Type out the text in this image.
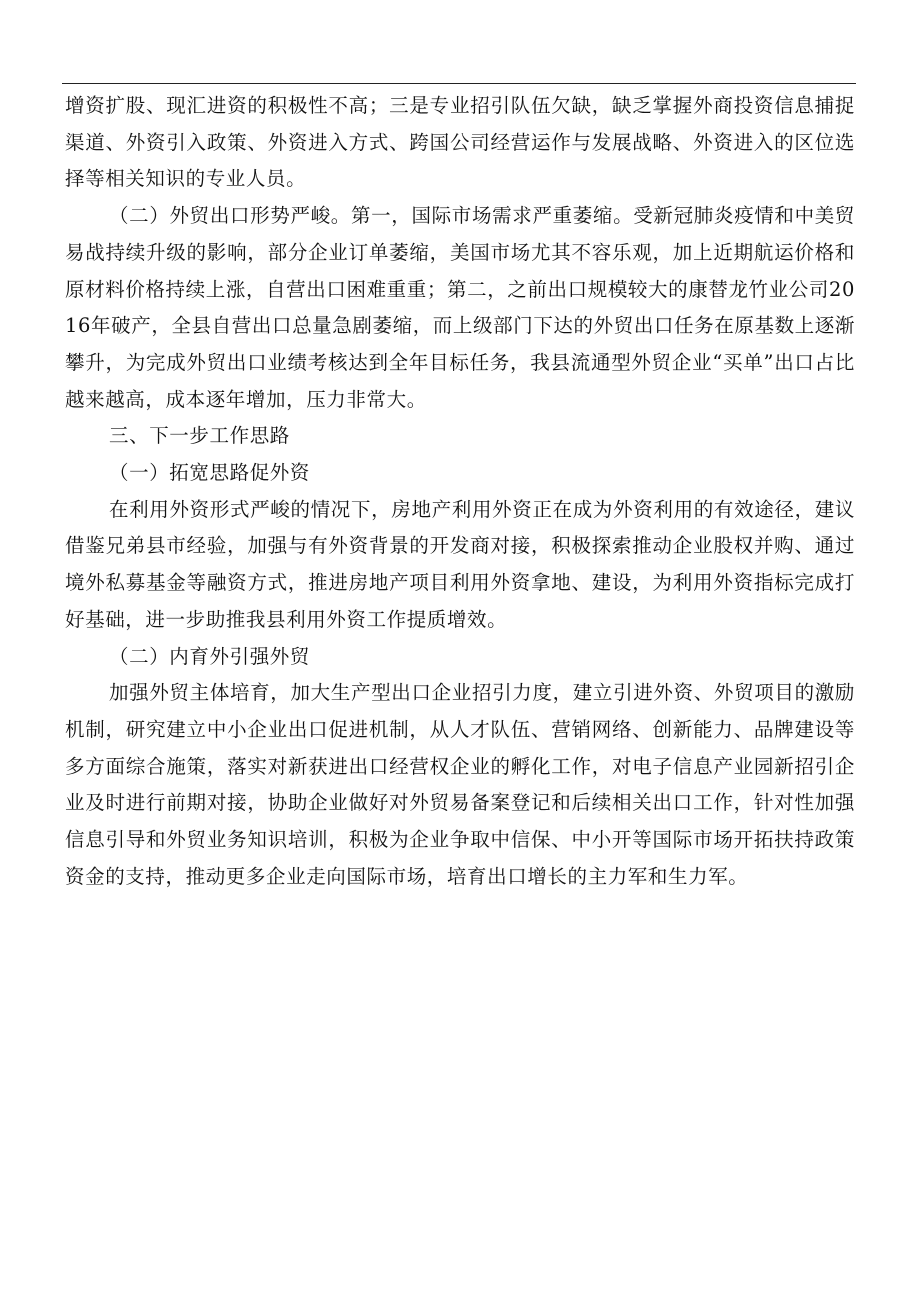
增资扩股、现汇进资的积极性不高；三是专业招引队伍欠缺，缺乏掌握外商投资信息捕捉渠道、外资引入政策、外资进入方式、跨国公司经营运作与发展战略、外资进入的区位选择等相关知识的专业人员。

（二）外贸出口形势严峻。第一，国际市场需求严重萎缩。受新冠肺炎疫情和中美贸易战持续升级的影响，部分企业订单萎缩，美国市场尤其不容乐观，加上近期航运价格和原材料价格持续上涨，自营出口困难重重；第二，之前出口规模较大的康替龙竹业公司2016年破产，全县自营出口总量急剧萎缩，而上级部门下达的外贸出口任务在原基数上逐渐攀升，为完成外贸出口业绩考核达到全年目标任务，我县流通型外贸企业“买单”出口占比越来越高，成本逐年增加，压力非常大。

三、下一步工作思路

（一）拓宽思路促外资

在利用外资形式严峻的情况下，房地产利用外资正在成为外资利用的有效途径，建议借鉴兄弟县市经验，加强与有外资背景的开发商对接，积极探索推动企业股权并购、通过境外私募基金等融资方式，推进房地产项目利用外资拿地、建设，为利用外资指标完成打好基础，进一步助推我县利用外资工作提质增效。

（二）内育外引强外贸

加强外贸主体培育，加大生产型出口企业招引力度，建立引进外资、外贸项目的激励机制，研究建立中小企业出口促进机制，从人才队伍、营销网络、创新能力、品牌建设等多方面综合施策，落实对新获进出口经营权企业的孵化工作，对电子信息产业园新招引企业及时进行前期对接，协助企业做好对外贸易备案登记和后续相关出口工作，针对性加强信息引导和外贸业务知识培训，积极为企业争取中信保、中小开等国际市场开拓扶持政策资金的支持，推动更多企业走向国际市场，培育出口增长的主力军和生力军。
